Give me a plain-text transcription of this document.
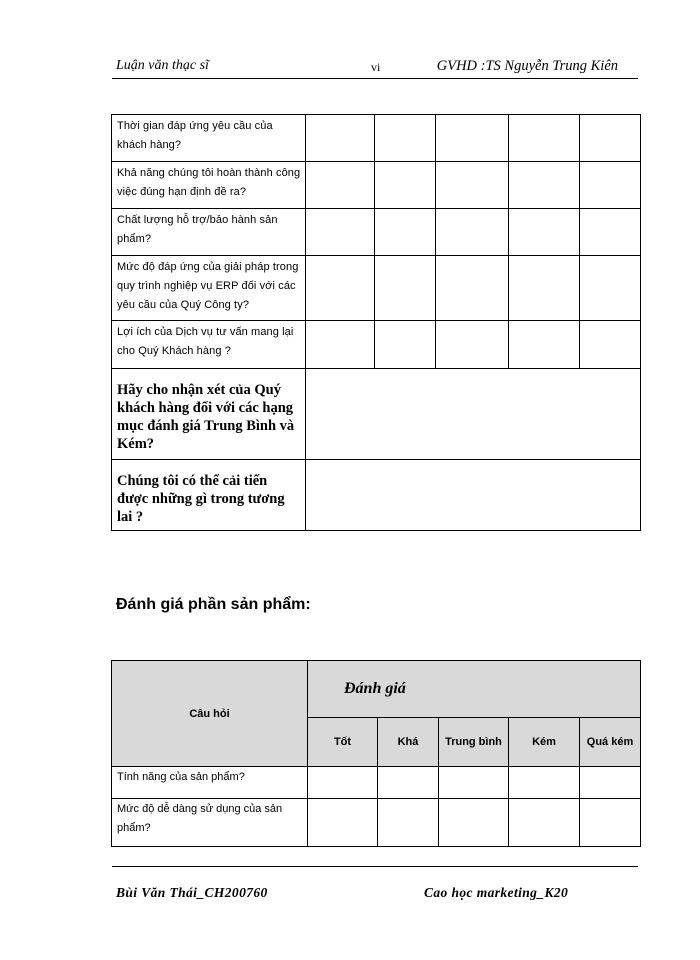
Luận văn thạc sĩ	vi	GVHD :TS Nguyễn Trung Kiên
Thời gian đáp ứng yêu cầu của khách hàng?					
Khả năng chúng tôi hoàn thành công việc đúng hạn định đề ra?					
Chất lượng hỗ trợ/bảo hành sản phẩm?					
Mức độ đáp ứng của giải pháp trong quy trình nghiệp vụ ERP đối với các yêu cầu của Quý Công ty?					
Lợi ích của Dịch vụ tư vấn mang lại cho Quý Khách hàng ?					
Hãy cho nhận xét của Quý khách hàng đối với các hạng mục đánh giá Trung Bình và Kém?					
Chúng tôi có thể cải tiến được những gì trong tương lai ?					
Đánh giá phần sản phẩm:
Câu hỏi	Đánh giá				
	Tốt	Khá	Trung bình	Kém	Quá kém
Tính năng của sản phẩm?					
Mức độ dễ dàng sử dụng của sản phẩm?					
Bùi Văn Thái_CH200760	Cao học marketing_K20
